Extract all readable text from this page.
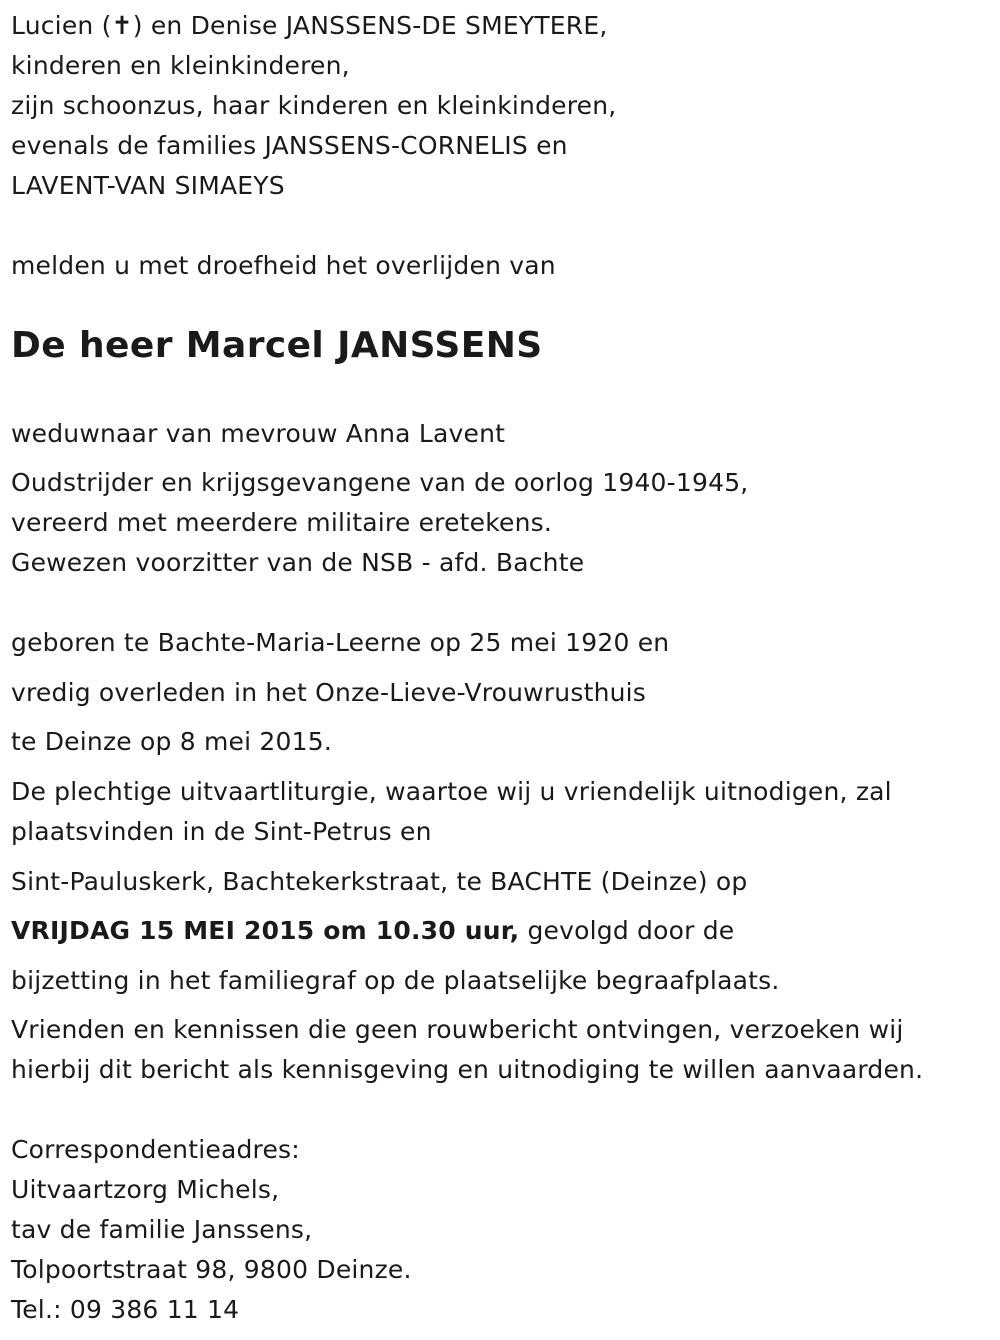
Lucien (✝) en Denise JANSSENS-DE SMEYTERE,
kinderen en kleinkinderen,
zijn schoonzus, haar kinderen en kleinkinderen,
evenals de families JANSSENS-CORNELIS en
LAVENT-VAN SIMAEYS
melden u met droefheid het overlijden van
De heer Marcel JANSSENS
weduwnaar van mevrouw Anna Lavent
Oudstrijder en krijgsgevangene van de oorlog 1940-1945,
vereerd met meerdere militaire eretekens.
Gewezen voorzitter van de NSB - afd. Bachte
geboren te Bachte-Maria-Leerne op 25 mei 1920 en
vredig overleden in het Onze-Lieve-Vrouwrusthuis
te Deinze op 8 mei 2015.
De plechtige uitvaartliturgie, waartoe wij u vriendelijk uitnodigen, zal
plaatsvinden in de Sint-Petrus en
Sint-Pauluskerk, Bachtekerkstraat, te BACHTE (Deinze) op
VRIJDAG 15 MEI 2015 om 10.30 uur, gevolgd door de
bijzetting in het familiegraf op de plaatselijke begraafplaats.
Vrienden en kennissen die geen rouwbericht ontvingen, verzoeken wij
hierbij dit bericht als kennisgeving en uitnodiging te willen aanvaarden.
Correspondentieadres:
Uitvaartzorg Michels,
tav de familie Janssens,
Tolpoortstraat 98, 9800 Deinze.
Tel.: 09 386 11 14
